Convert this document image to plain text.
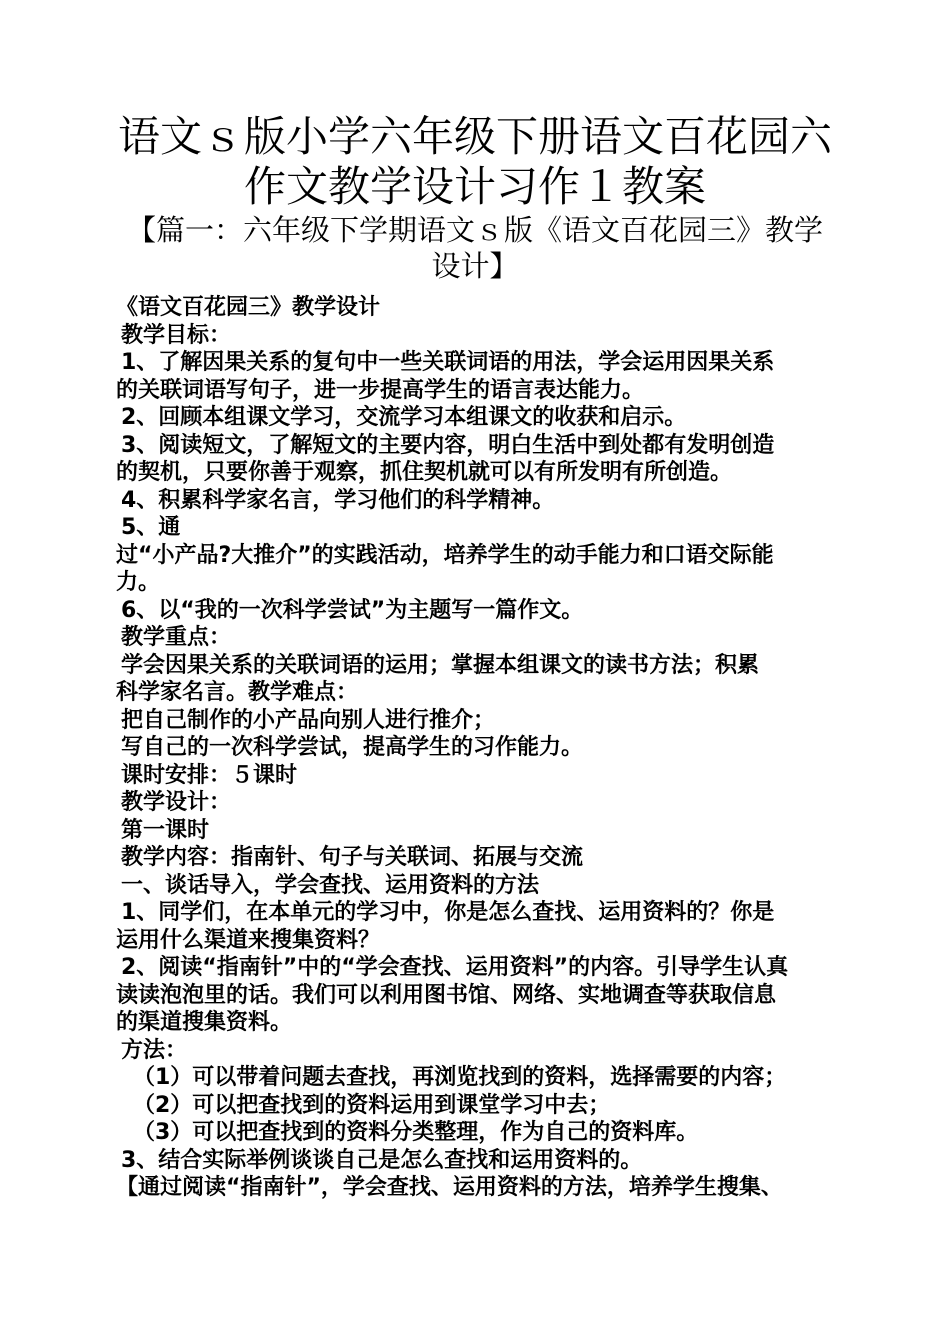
语文ｓ版小学六年级下册语文百花园六
作文教学设计习作１教案
【篇一：六年级下学期语文ｓ版《语文百花园三》教学
设计】
《语文百花园三》教学设计
教学目标：
1、了解因果关系的复句中一些关联词语的用法，学会运用因果关系
的关联词语写句子，进一步提高学生的语言表达能力。
2、回顾本组课文学习，交流学习本组课文的收获和启示。
3、阅读短文，了解短文的主要内容，明白生活中到处都有发明创造
的契机，只要你善于观察，抓住契机就可以有所发明有所创造。
4、积累科学家名言，学习他们的科学精神。
5、通
过“小产品?大推介”的实践活动，培养学生的动手能力和口语交际能
力。
6、以“我的一次科学尝试”为主题写一篇作文。
教学重点：
学会因果关系的关联词语的运用；掌握本组课文的读书方法；积累
科学家名言。教学难点：
把自己制作的小产品向别人进行推介；
写自己的一次科学尝试，提高学生的习作能力。
课时安排：５课时
教学设计：
第一课时
教学内容：指南针、句子与关联词、拓展与交流
一、谈话导入，学会查找、运用资料的方法
1、同学们，在本单元的学习中，你是怎么查找、运用资料的？你是
运用什么渠道来搜集资料？
2、阅读“指南针”中的“学会查找、运用资料”的内容。引导学生认真
读读泡泡里的话。我们可以利用图书馆、网络、实地调查等获取信息
的渠道搜集资料。
方法：
（1）可以带着问题去查找，再浏览找到的资料，选择需要的内容；
（2）可以把查找到的资料运用到课堂学习中去；
（3）可以把查找到的资料分类整理，作为自己的资料库。
3、结合实际举例谈谈自己是怎么查找和运用资料的。
【通过阅读“指南针”，学会查找、运用资料的方法，培养学生搜集、
